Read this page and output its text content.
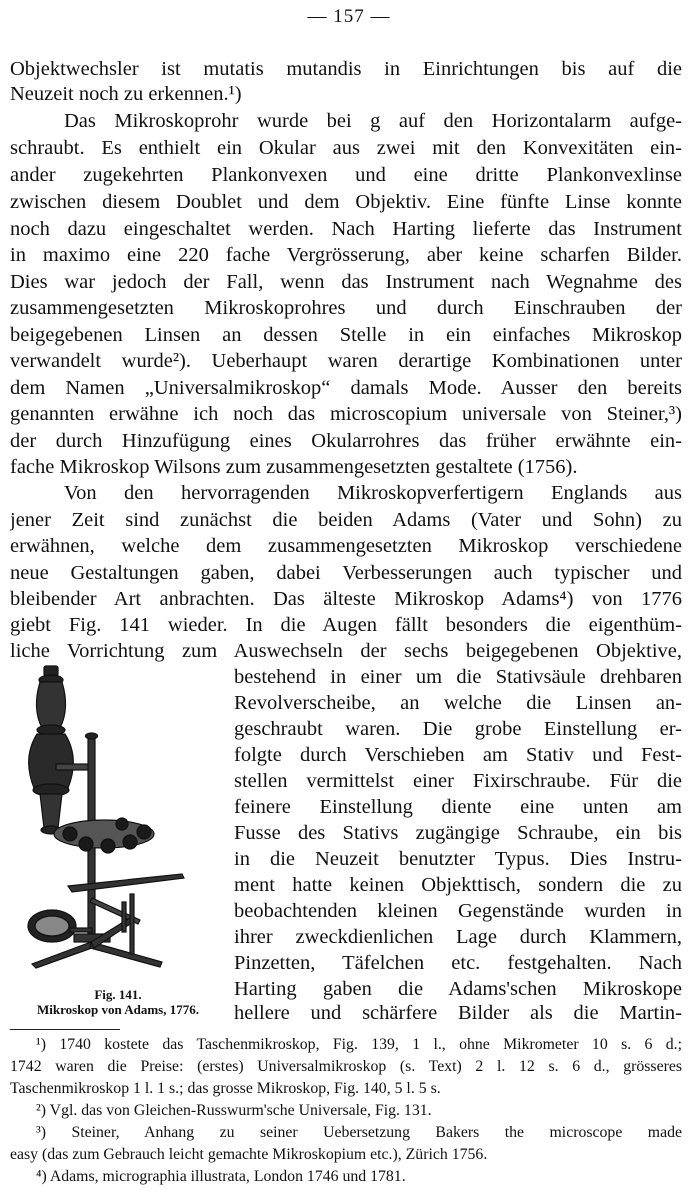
— 157 —
Objektwechsler ist mutatis mutandis in Einrichtungen bis auf die
Neuzeit noch zu erkennen.¹)
Das Mikroskoprohr wurde bei g auf den Horizontalarm aufge-
schraubt. Es enthielt ein Okular aus zwei mit den Konvexitäten ein-
ander zugekehrten Plankonvexen und eine dritte Plankonvexlinse
zwischen diesem Doublet und dem Objektiv. Eine fünfte Linse konnte
noch dazu eingeschaltet werden. Nach Harting lieferte das Instrument
in maximo eine 220 fache Vergrösserung, aber keine scharfen Bilder.
Dies war jedoch der Fall, wenn das Instrument nach Wegnahme des
zusammengesetzten Mikroskoprohres und durch Einschrauben der
beigegebenen Linsen an dessen Stelle in ein einfaches Mikroskop
verwandelt wurde²). Ueberhaupt waren derartige Kombinationen unter
dem Namen „Universalmikroskop“ damals Mode. Ausser den bereits
genannten erwähne ich noch das microscopium universale von Steiner,³)
der durch Hinzufügung eines Okularrohres das früher erwähnte ein-
fache Mikroskop Wilsons zum zusammengesetzten gestaltete (1756).
Von den hervorragenden Mikroskopverfertigern Englands aus
jener Zeit sind zunächst die beiden Adams (Vater und Sohn) zu
erwähnen, welche dem zusammengesetzten Mikroskop verschiedene
neue Gestaltungen gaben, dabei Verbesserungen auch typischer und
bleibender Art anbrachten. Das älteste Mikroskop Adams⁴) von 1776
giebt Fig. 141 wieder. In die Augen fällt besonders die eigenthüm-
liche Vorrichtung zum Auswechseln der sechs beigegebenen Objektive,
bestehend in einer um die Stativsäule drehbaren
Revolverscheibe, an welche die Linsen an-
geschraubt waren. Die grobe Einstellung er-
folgte durch Verschieben am Stativ und Fest-
stellen vermittelst einer Fixirschraube. Für die
feinere Einstellung diente eine unten am
Fusse des Stativs zugängige Schraube, ein bis
in die Neuzeit benutzter Typus. Dies Instru-
ment hatte keinen Objekttisch, sondern die zu
beobachtenden kleinen Gegenstände wurden in
ihrer zweckdienlichen Lage durch Klammern,
Pinzetten, Täfelchen etc. festgehalten. Nach
Harting gaben die Adams'schen Mikroskope
hellere und schärfere Bilder als die Martin-
Fig. 141.
Mikroskop von Adams, 1776.
¹) 1740 kostete das Taschenmikroskop, Fig. 139, 1 l., ohne Mikrometer 10 s. 6 d.;
1742 waren die Preise: (erstes) Universalmikroskop (s. Text) 2 l. 12 s. 6 d., grösseres
Taschenmikroskop 1 l. 1 s.; das grosse Mikroskop, Fig. 140, 5 l. 5 s.
²) Vgl. das von Gleichen-Russwurm'sche Universale, Fig. 131.
³) Steiner, Anhang zu seiner Uebersetzung Bakers the microscope made
easy (das zum Gebrauch leicht gemachte Mikroskopium etc.), Zürich 1756.
⁴) Adams, micrographia illustrata, London 1746 und 1781.
